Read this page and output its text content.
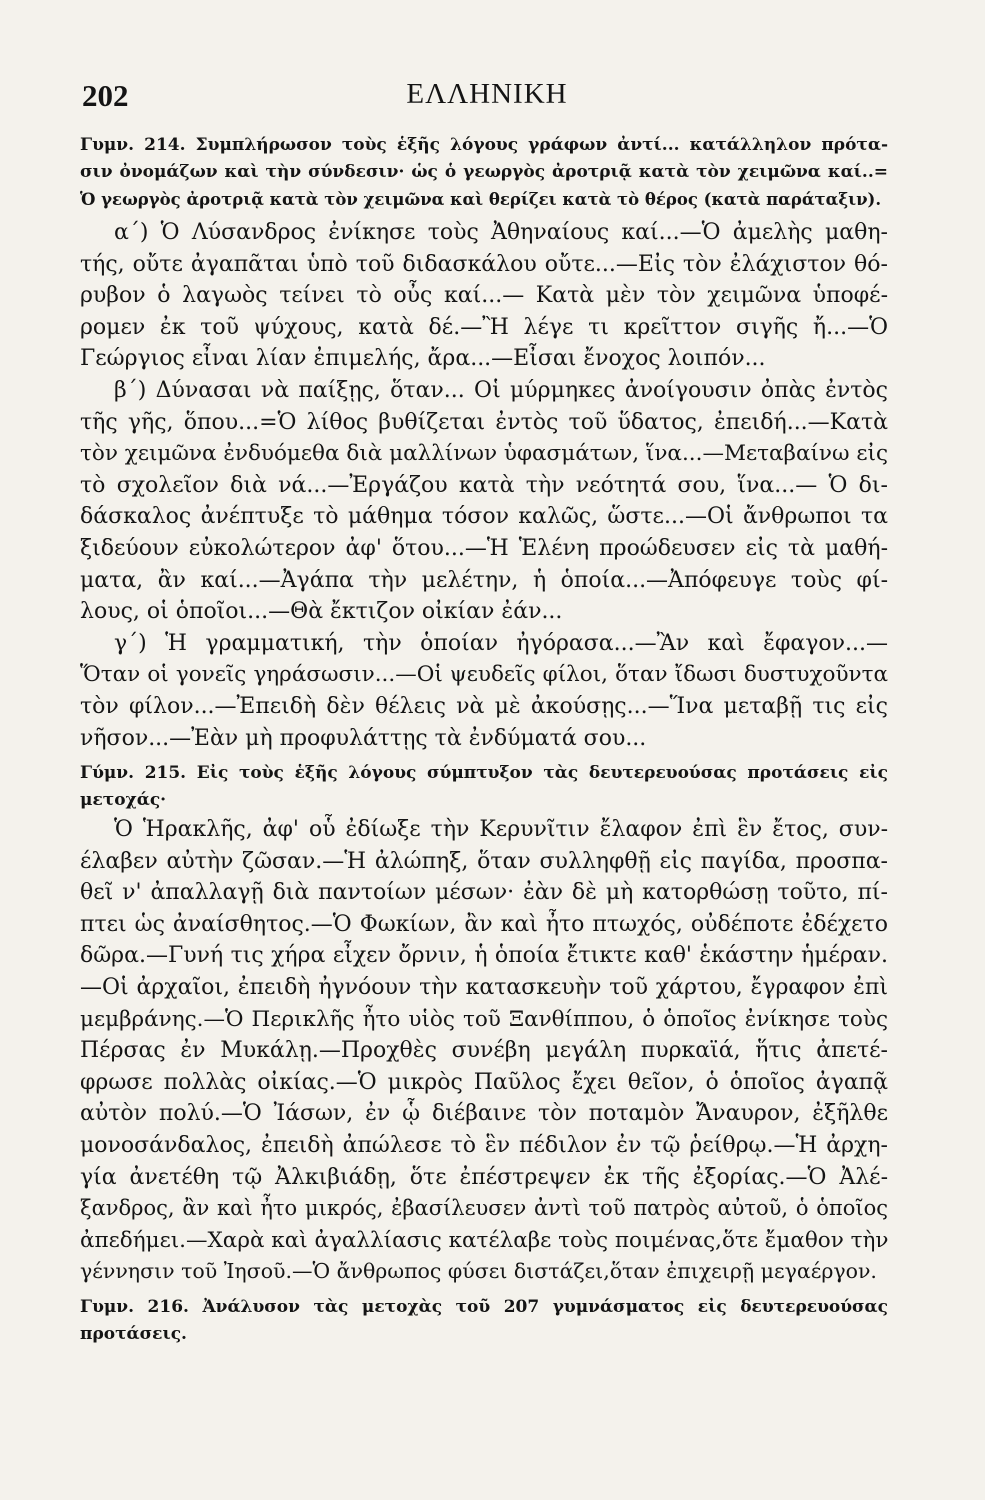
202	ΕΛΛΗΝΙΚΗ
Γυμν. 214. Συμπλήρωσον τοὺς ἑξῆς λόγους γράφων ἀντί... κατάλληλον πρότα-
σιν ὀνομάζων καὶ τὴν σύνδεσιν· ὡς ὁ γεωργὸς ἀροτριᾷ κατὰ τὸν χειμῶνα καί..=
Ὁ γεωργὸς ἀροτριᾷ κατὰ τὸν χειμῶνα καὶ θερίζει κατὰ τὸ θέρος (κατὰ παράταξιν).
α´) Ὁ Λύσανδρος ἐνίκησε τοὺς Ἀθηναίους καί...—Ὁ ἀμελὴς μαθη-
τής, οὔτε ἀγαπᾶται ὑπὸ τοῦ διδασκάλου οὔτε...—Εἰς τὸν ἐλάχιστον θό-
ρυβον ὁ λαγωὸς τείνει τὸ οὖς καί...— Κατὰ μὲν τὸν χειμῶνα ὑποφέ-
ρομεν ἐκ τοῦ ψύχους, κατὰ δέ.—Ἢ λέγε τι κρεῖττον σιγῆς ἤ...—Ὁ
Γεώργιος εἶναι λίαν ἐπιμελής, ἄρα...—Εἶσαι ἔνοχος λοιπόν...
β´) Δύνασαι νὰ παίξῃς, ὅταν... Οἱ μύρμηκες ἀνοίγουσιν ὀπὰς ἐντὸς
τῆς γῆς, ὅπου...=Ὁ λίθος βυθίζεται ἐντὸς τοῦ ὕδατος, ἐπειδή...—Κατὰ
τὸν χειμῶνα ἐνδυόμεθα διὰ μαλλίνων ὑφασμάτων, ἵνα...—Μεταβαίνω εἰς
τὸ σχολεῖον διὰ νά...—Ἐργάζου κατὰ τὴν νεότητά σου, ἵνα...— Ὁ δι-
δάσκαλος ἀνέπτυξε τὸ μάθημα τόσον καλῶς, ὥστε...—Οἱ ἄνθρωποι τα
ξιδεύουν εὐκολώτερον ἀφ' ὅτου...—Ἡ Ἑλένη προώδευσεν εἰς τὰ μαθή-
ματα, ἂν καί...—Ἀγάπα τὴν μελέτην, ἡ ὁποία...—Ἀπόφευγε τοὺς φί-
λους, οἱ ὁποῖοι...—Θὰ ἔκτιζον οἰκίαν ἐάν...
γ´) Ἡ γραμματική, τὴν ὁποίαν ἠγόρασα...—Ἂν καὶ ἔφαγον...—
Ὅταν οἱ γονεῖς γηράσωσιν...—Οἱ ψευδεῖς φίλοι, ὅταν ἴδωσι δυστυχοῦντα
τὸν φίλον...—Ἐπειδὴ δὲν θέλεις νὰ μὲ ἀκούσῃς...—Ἵνα μεταβῇ τις εἰς
νῆσον...—Ἐὰν μὴ προφυλάττῃς τὰ ἐνδύματά σου...
Γύμν. 215. Εἰς τοὺς ἑξῆς λόγους σύμπτυξον τὰς δευτερευούσας προτάσεις εἰς
μετοχάς·
Ὁ Ἡρακλῆς, ἀφ' οὗ ἐδίωξε τὴν Κερυνῖτιν ἔλαφον ἐπὶ ἓν ἔτος, συν-
έλαβεν αὐτὴν ζῶσαν.—Ἡ ἀλώπηξ, ὅταν συλληφθῇ εἰς παγίδα, προσπα-
θεῖ ν' ἀπαλλαγῇ διὰ παντοίων μέσων· ἐὰν δὲ μὴ κατορθώσῃ τοῦτο, πί-
πτει ὡς ἀναίσθητος.—Ὁ Φωκίων, ἂν καὶ ἦτο πτωχός, οὐδέποτε ἐδέχετο
δῶρα.—Γυνή τις χήρα εἶχεν ὄρνιν, ἡ ὁποία ἔτικτε καθ' ἑκάστην ἡμέραν.
—Οἱ ἀρχαῖοι, ἐπειδὴ ἠγνόουν τὴν κατασκευὴν τοῦ χάρτου, ἔγραφον ἐπὶ
μεμβράνης.—Ὁ Περικλῆς ἦτο υἱὸς τοῦ Ξανθίππου, ὁ ὁποῖος ἐνίκησε τοὺς
Πέρσας ἐν Μυκάλῃ.—Προχθὲς συνέβη μεγάλη πυρκαϊά, ἥτις ἀπετέ-
φρωσε πολλὰς οἰκίας.—Ὁ μικρὸς Παῦλος ἔχει θεῖον, ὁ ὁποῖος ἀγαπᾷ
αὐτὸν πολύ.—Ὁ Ἰάσων, ἐν ᾧ διέβαινε τὸν ποταμὸν Ἄναυρον, ἐξῆλθε
μονοσάνδαλος, ἐπειδὴ ἀπώλεσε τὸ ἓν πέδιλον ἐν τῷ ῥείθρῳ.—Ἡ ἀρχη-
γία ἀνετέθη τῷ Ἀλκιβιάδῃ, ὅτε ἐπέστρεψεν ἐκ τῆς ἐξορίας.—Ὁ Ἀλέ-
ξανδρος, ἂν καὶ ἦτο μικρός, ἐβασίλευσεν ἀντὶ τοῦ πατρὸς αὐτοῦ, ὁ ὁποῖος
ἀπεδήμει.—Χαρὰ καὶ ἀγαλλίασις κατέλαβε τοὺς ποιμένας,ὅτε ἔμαθον τὴν
γέννησιν τοῦ Ἰησοῦ.—Ὁ ἄνθρωπος φύσει διστάζει,ὅταν ἐπιχειρῇ μεγαέργον.
Γυμν. 216. Ἀνάλυσον τὰς μετοχὰς τοῦ 207 γυμνάσματος εἰς δευτερευούσας
προτάσεις.
